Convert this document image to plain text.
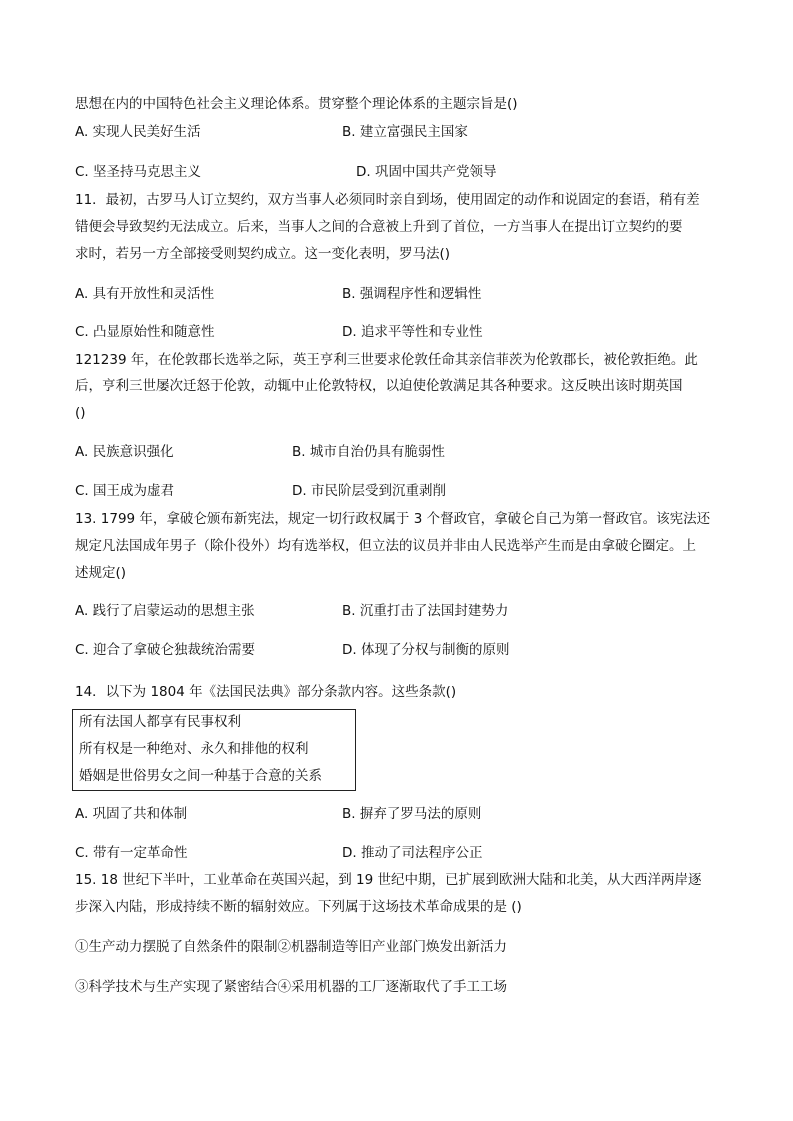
思想在内的中国特色社会主义理论体系。贯穿整个理论体系的主题宗旨是()
A. 实现人民美好生活	B. 建立富强民主国家
C. 坚圣持马克思主义	D. 巩固中国共产党领导
11．最初，古罗马人订立契约，双方当事人必须同时亲自到场，使用固定的动作和说固定的套语，稍有差
错便会导致契约无法成立。后来，当事人之间的合意被上升到了首位，一方当事人在提出订立契约的要
求时，若另一方全部接受则契约成立。这一变化表明，罗马法()
A. 具有开放性和灵活性	B. 强调程序性和逻辑性
C. 凸显原始性和随意性	D. 追求平等性和专业性
121239 年，在伦敦郡长选举之际，英王亨利三世要求伦敦任命其亲信菲茨为伦敦郡长，被伦敦拒绝。此
后，亨利三世屡次迁怒于伦敦，动辄中止伦敦特权，以迫使伦敦满足其各种要求。这反映出该时期英国
()
A. 民族意识强化	B. 城市自治仍具有脆弱性
C. 国王成为虚君	D. 市民阶层受到沉重剥削
13. 1799 年，拿破仑颁布新宪法，规定一切行政权属于 3 个督政官，拿破仑自己为第一督政官。该宪法还
规定凡法国成年男子（除仆役外）均有选举权，但立法的议员并非由人民选举产生而是由拿破仑圈定。上
述规定()
A. 践行了启蒙运动的思想主张	B. 沉重打击了法国封建势力
C. 迎合了拿破仑独裁统治需要	D. 体现了分权与制衡的原则
14．以下为 1804 年《法国民法典》部分条款内容。这些条款()
所有法国人都享有民事权利
所有权是一种绝对、永久和排他的权利
婚姻是世俗男女之间一种基于合意的关系
A. 巩固了共和体制	B. 摒弃了罗马法的原则
C. 带有一定革命性	D. 推动了司法程序公正
15. 18 世纪下半叶，工业革命在英国兴起，到 19 世纪中期，已扩展到欧洲大陆和北美，从大西洋两岸逐
步深入内陆，形成持续不断的辐射效应。下列属于这场技术革命成果的是 ()
①生产动力摆脱了自然条件的限制②机器制造等旧产业部门焕发出新活力
③科学技术与生产实现了紧密结合④采用机器的工厂逐渐取代了手工工场
